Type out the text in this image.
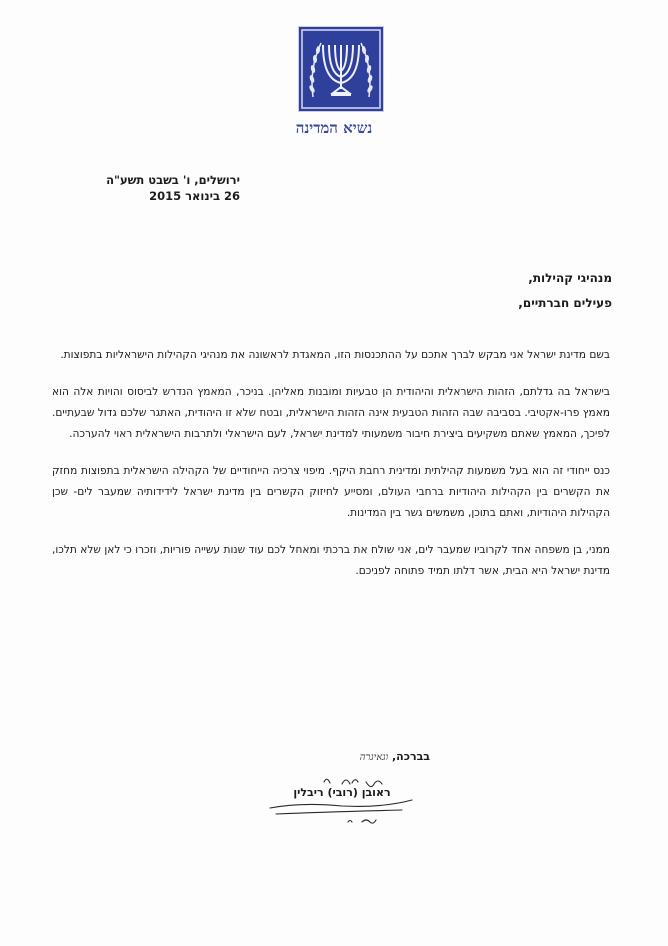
נשיא המדינה
ירושלים, ו' בשבט תשע"ה
26 בינואר 2015
מנהיגי קהילות,
פעילים חברתיים,

בשם מדינת ישראל אני מבקש לברך אתכם על ההתכנסות הזו, המאגדת לראשונה את מנהיגי הקהילות הישראליות בתפוצות.

בישראל בה גדלתם, הזהות הישראלית והיהודית הן טבעיות ומובנות מאליהן. בניכר, המאמץ הנדרש לביסוס והויות אלה הוא מאמץ פרו-אקטיבי. בסביבה שבה הזהות הטבעית אינה הזהות הישראלית, ובטח שלא זו היהודית, האתגר שלכם גדול שבעתיים. לפיכך, המאמץ שאתם משקיעים ביצירת חיבור משמעותי למדינת ישראל, לעם הישראלי ולתרבות הישראלית ראוי להערכה.

כנס ייחודי זה הוא בעל משמעות קהילתית ומדינית רחבת היקף. מיפוי צרכיה הייחודיים של הקהילה הישראלית בתפוצות מחזק את הקשרים בין הקהילות היהודיות ברחבי העולם, ומסייע לחיזוק הקשרים בין מדינת ישראל לידידותיה שמעבר לים- שכן הקהילות היהודיות, ואתם בתוכן, משמשים גשר בין המדינות.

ממני, בן משפחה אחד לקרוביו שמעבר לים, אני שולח את ברכתי ומאחל לכם עוד שנות עשייה פוריות, וזכרו כי לאן שלא תלכו, מדינת ישראל היא הבית, אשר דלתו תמיד פתוחה לפניכם.

בברכה, וגאיגרה
ראובן (רובי) ריבלין
